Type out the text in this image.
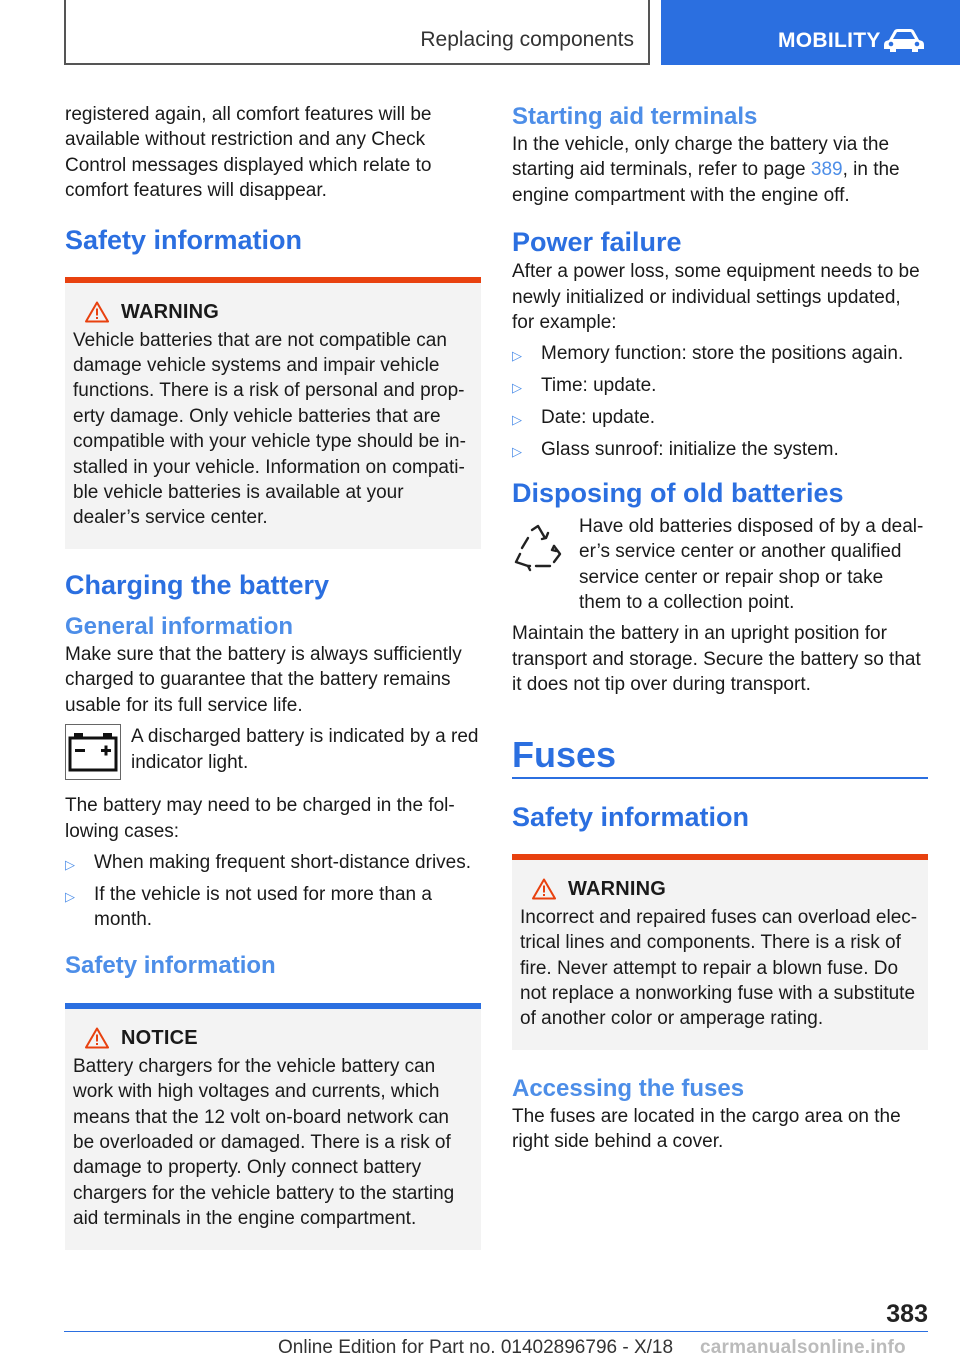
Replacing components	MOBILITY

registered again, all comfort features will be available without restriction and any Check Control messages displayed which relate to comfort features will disappear.

Safety information
WARNING

Vehicle batteries that are not compatible can damage vehicle systems and impair vehicle functions. There is a risk of personal and property damage. Only vehicle batteries that are compatible with your vehicle type should be installed in your vehicle. Information on compatible vehicle batteries is available at your dealer’s service center.

Charging the battery
General information

Make sure that the battery is always sufficiently charged to guarantee that the battery remains usable for its full service life.

A discharged battery is indicated by a red indicator light.

The battery may need to be charged in the following cases:

▷ When making frequent short-distance drives.
▷ If the vehicle is not used for more than a month.
Safety information
NOTICE

Battery chargers for the vehicle battery can work with high voltages and currents, which means that the 12 volt on-board network can be overloaded or damaged. There is a risk of damage to property. Only connect battery chargers for the vehicle battery to the starting aid terminals in the engine compartment.

Starting aid terminals

In the vehicle, only charge the battery via the starting aid terminals, refer to page 389, in the engine compartment with the engine off.

Power failure

After a power loss, some equipment needs to be newly initialized or individual settings updated, for example:

▷ Memory function: store the positions again.
▷ Time: update.
▷ Date: update.
▷ Glass sunroof: initialize the system.
Disposing of old batteries

Have old batteries disposed of by a dealer’s service center or another qualified service center or repair shop or take them to a collection point.

Maintain the battery in an upright position for transport and storage. Secure the battery so that it does not tip over during transport.

Fuses
Safety information
WARNING

Incorrect and repaired fuses can overload electrical lines and components. There is a risk of fire. Never attempt to repair a blown fuse. Do not replace a nonworking fuse with a substitute of another color or amperage rating.

Accessing the fuses

The fuses are located in the cargo area on the right side behind a cover.

383
Online Edition for Part no. 01402896796 - X/18 carmanualsonline.info
